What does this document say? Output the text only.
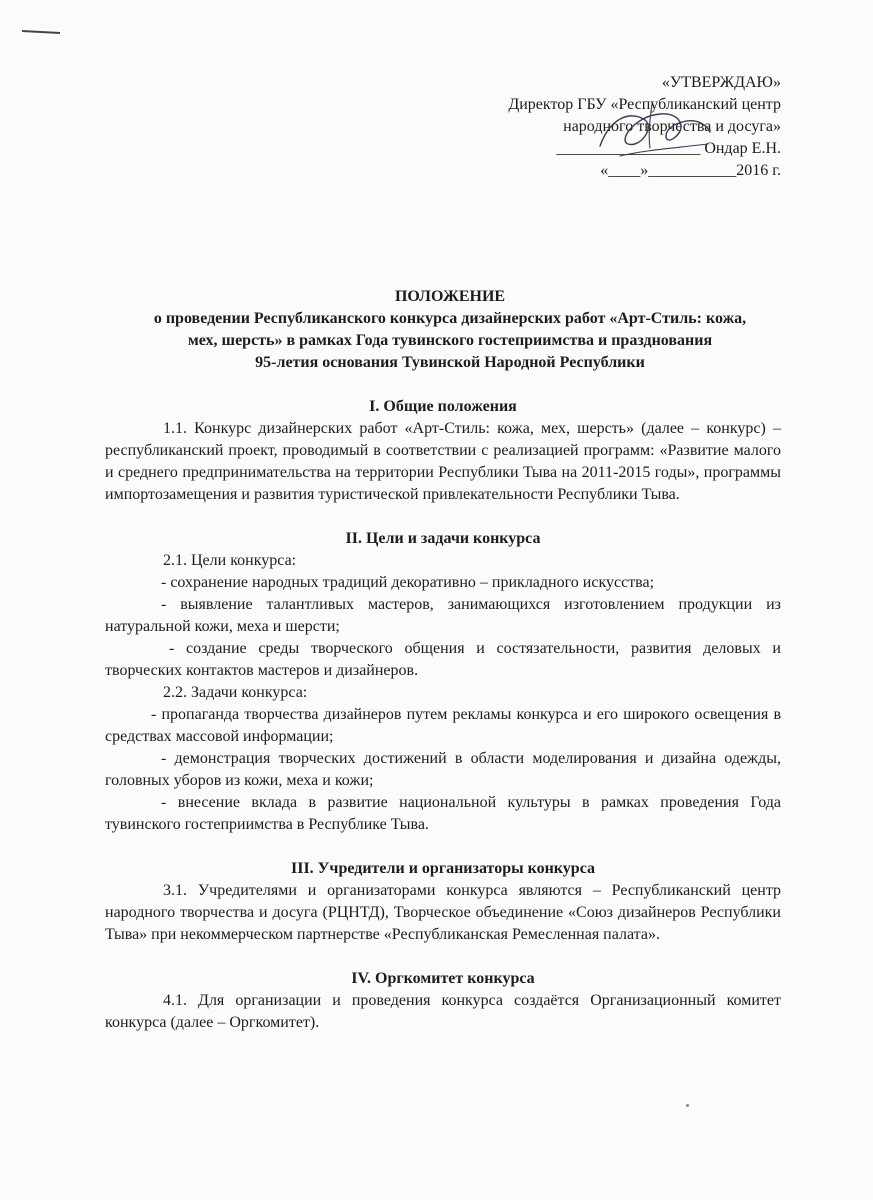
«УТВЕРЖДАЮ»
Директор ГБУ «Республиканский центр
народного творчества и досуга»
__________________ Ондар Е.Н.
«____»___________2016 г.
ПОЛОЖЕНИЕ
о проведении Республиканского конкурса дизайнерских работ «Арт-Стиль: кожа,
мех, шерсть» в рамках Года тувинского гостеприимства и празднования
95-летия основания Тувинской Народной Республики
I. Общие положения

1.1. Конкурс дизайнерских работ «Арт-Стиль: кожа, мех, шерсть» (далее – конкурс) – республиканский проект, проводимый в соответствии с реализацией программ: «Развитие малого и среднего предпринимательства на территории Республики Тыва на 2011-2015 годы», программы импортозамещения и развития туристической привлекательности Республики Тыва.

II. Цели и задачи конкурса

2.1. Цели конкурса:

- сохранение народных традиций декоративно – прикладного искусства;

- выявление талантливых мастеров, занимающихся изготовлением продукции из натуральной кожи, меха и шерсти;

- создание среды творческого общения и состязательности, развития деловых и творческих контактов мастеров и дизайнеров.

2.2. Задачи конкурса:

- пропаганда творчества дизайнеров путем рекламы конкурса и его широкого освещения в средствах массовой информации;

- демонстрация творческих достижений в области моделирования и дизайна одежды, головных уборов из кожи, меха и кожи;

- внесение вклада в развитие национальной культуры в рамках проведения Года тувинского гостеприимства в Республике Тыва.

III. Учредители и организаторы конкурса

3.1. Учредителями и организаторами конкурса являются – Республиканский центр народного творчества и досуга (РЦНТД), Творческое объединение «Союз дизайнеров Республики Тыва» при некоммерческом партнерстве «Республиканская Ремесленная палата».

IV. Оргкомитет конкурса

4.1. Для организации и проведения конкурса создаётся Организационный комитет конкурса (далее – Оргкомитет).
